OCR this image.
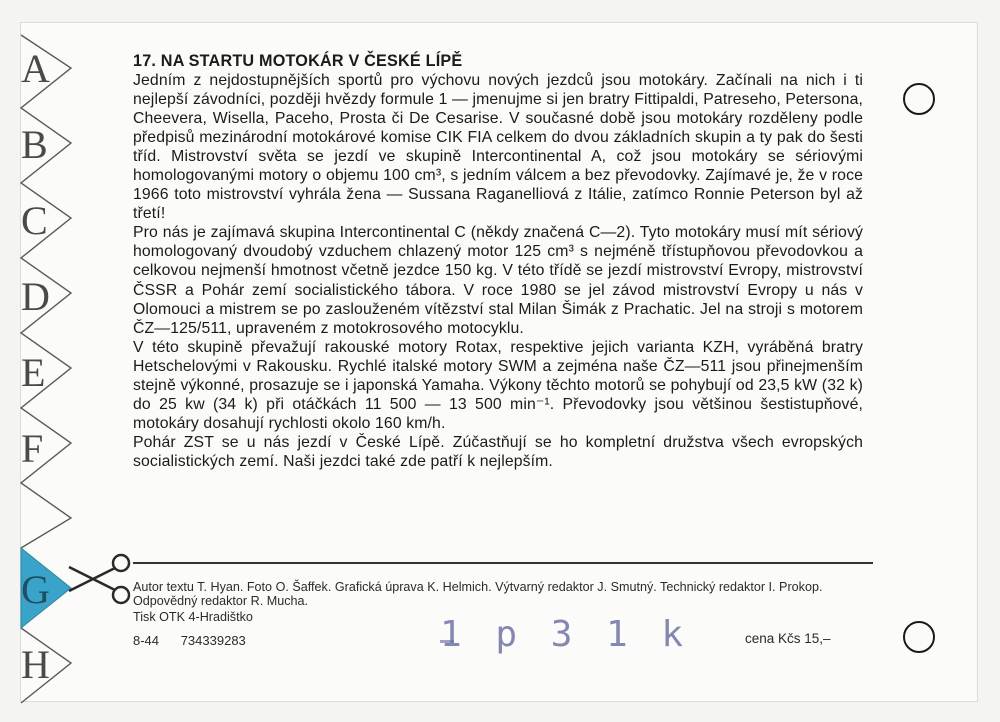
A
B
C
D
E
F
G
H
17. NA STARTU MOTOKÁR V ČESKÉ LÍPĚ

Jedním z nejdostupnějších sportů pro výchovu nových jezdců jsou motokáry. Začínali na nich i ti nejlepší závodníci, později hvězdy formule 1 — jmenujme si jen bratry Fittipaldi, Patreseho, Petersona, Cheevera, Wisella, Paceho, Prosta či De Cesarise. V současné době jsou motokáry rozděleny podle předpisů mezinárodní motokárové komise CIK FIA celkem do dvou základních skupin a ty pak do šesti tříd. Mistrovství světa se jezdí ve skupině Intercontinental A, což jsou motokáry se sériovými homologovanými motory o objemu 100 cm³, s jedním válcem a bez převodovky. Zajímavé je, že v roce 1966 toto mistrovství vyhrála žena — Sussana Raganelliová z Itálie, zatímco Ronnie Peterson byl až třetí!

Pro nás je zajímavá skupina Intercontinental C (někdy značená C—2). Tyto motokáry musí mít sériový homologovaný dvoudobý vzduchem chlazený motor 125 cm³ s nejméně třístupňovou převodovkou a celkovou nejmenší hmotnost včetně jezdce 150 kg. V této třídě se jezdí mistrovství Evropy, mistrovství ČSSR a Pohár zemí socialistického tábora. V roce 1980 se jel závod mistrovství Evropy u nás v Olomouci a mistrem se po zaslouženém vítězství stal Milan Šimák z Prachatic. Jel na stroji s motorem ČZ—125/511, upraveném z motokrosového motocyklu.

V této skupině převažují rakouské motory Rotax, respektive jejich varianta KZH, vyráběná bratry Hetschelovými v Rakousku. Rychlé italské motory SWM a zejména naše ČZ—511 jsou přinejmenším stejně výkonné, prosazuje se i japonská Yamaha. Výkony těchto motorů se pohybují od 23,5 kW (32 k) do 25 kw (34 k) při otáčkách 11 500 — 13 500 min⁻¹. Převodovky jsou většinou šestistupňové, motokáry dosahují rychlosti okolo 160 km/h.

Pohár ZST se u nás jezdí v České Lípě. Zúčastňují se ho kompletní družstva všech evropských socialistických zemí. Naši jezdci také zde patří k nejlepším.

Autor textu T. Hyan. Foto O. Šaffek. Grafická úprava K. Helmich. Výtvarný redaktor J. Smutný. Technický redaktor I. Prokop. Odpovědný redaktor R. Mucha.

Tisk OTK 4-Hradištko
8-44 734339283	1 p 3 1 k	cena Kčs 15,–
